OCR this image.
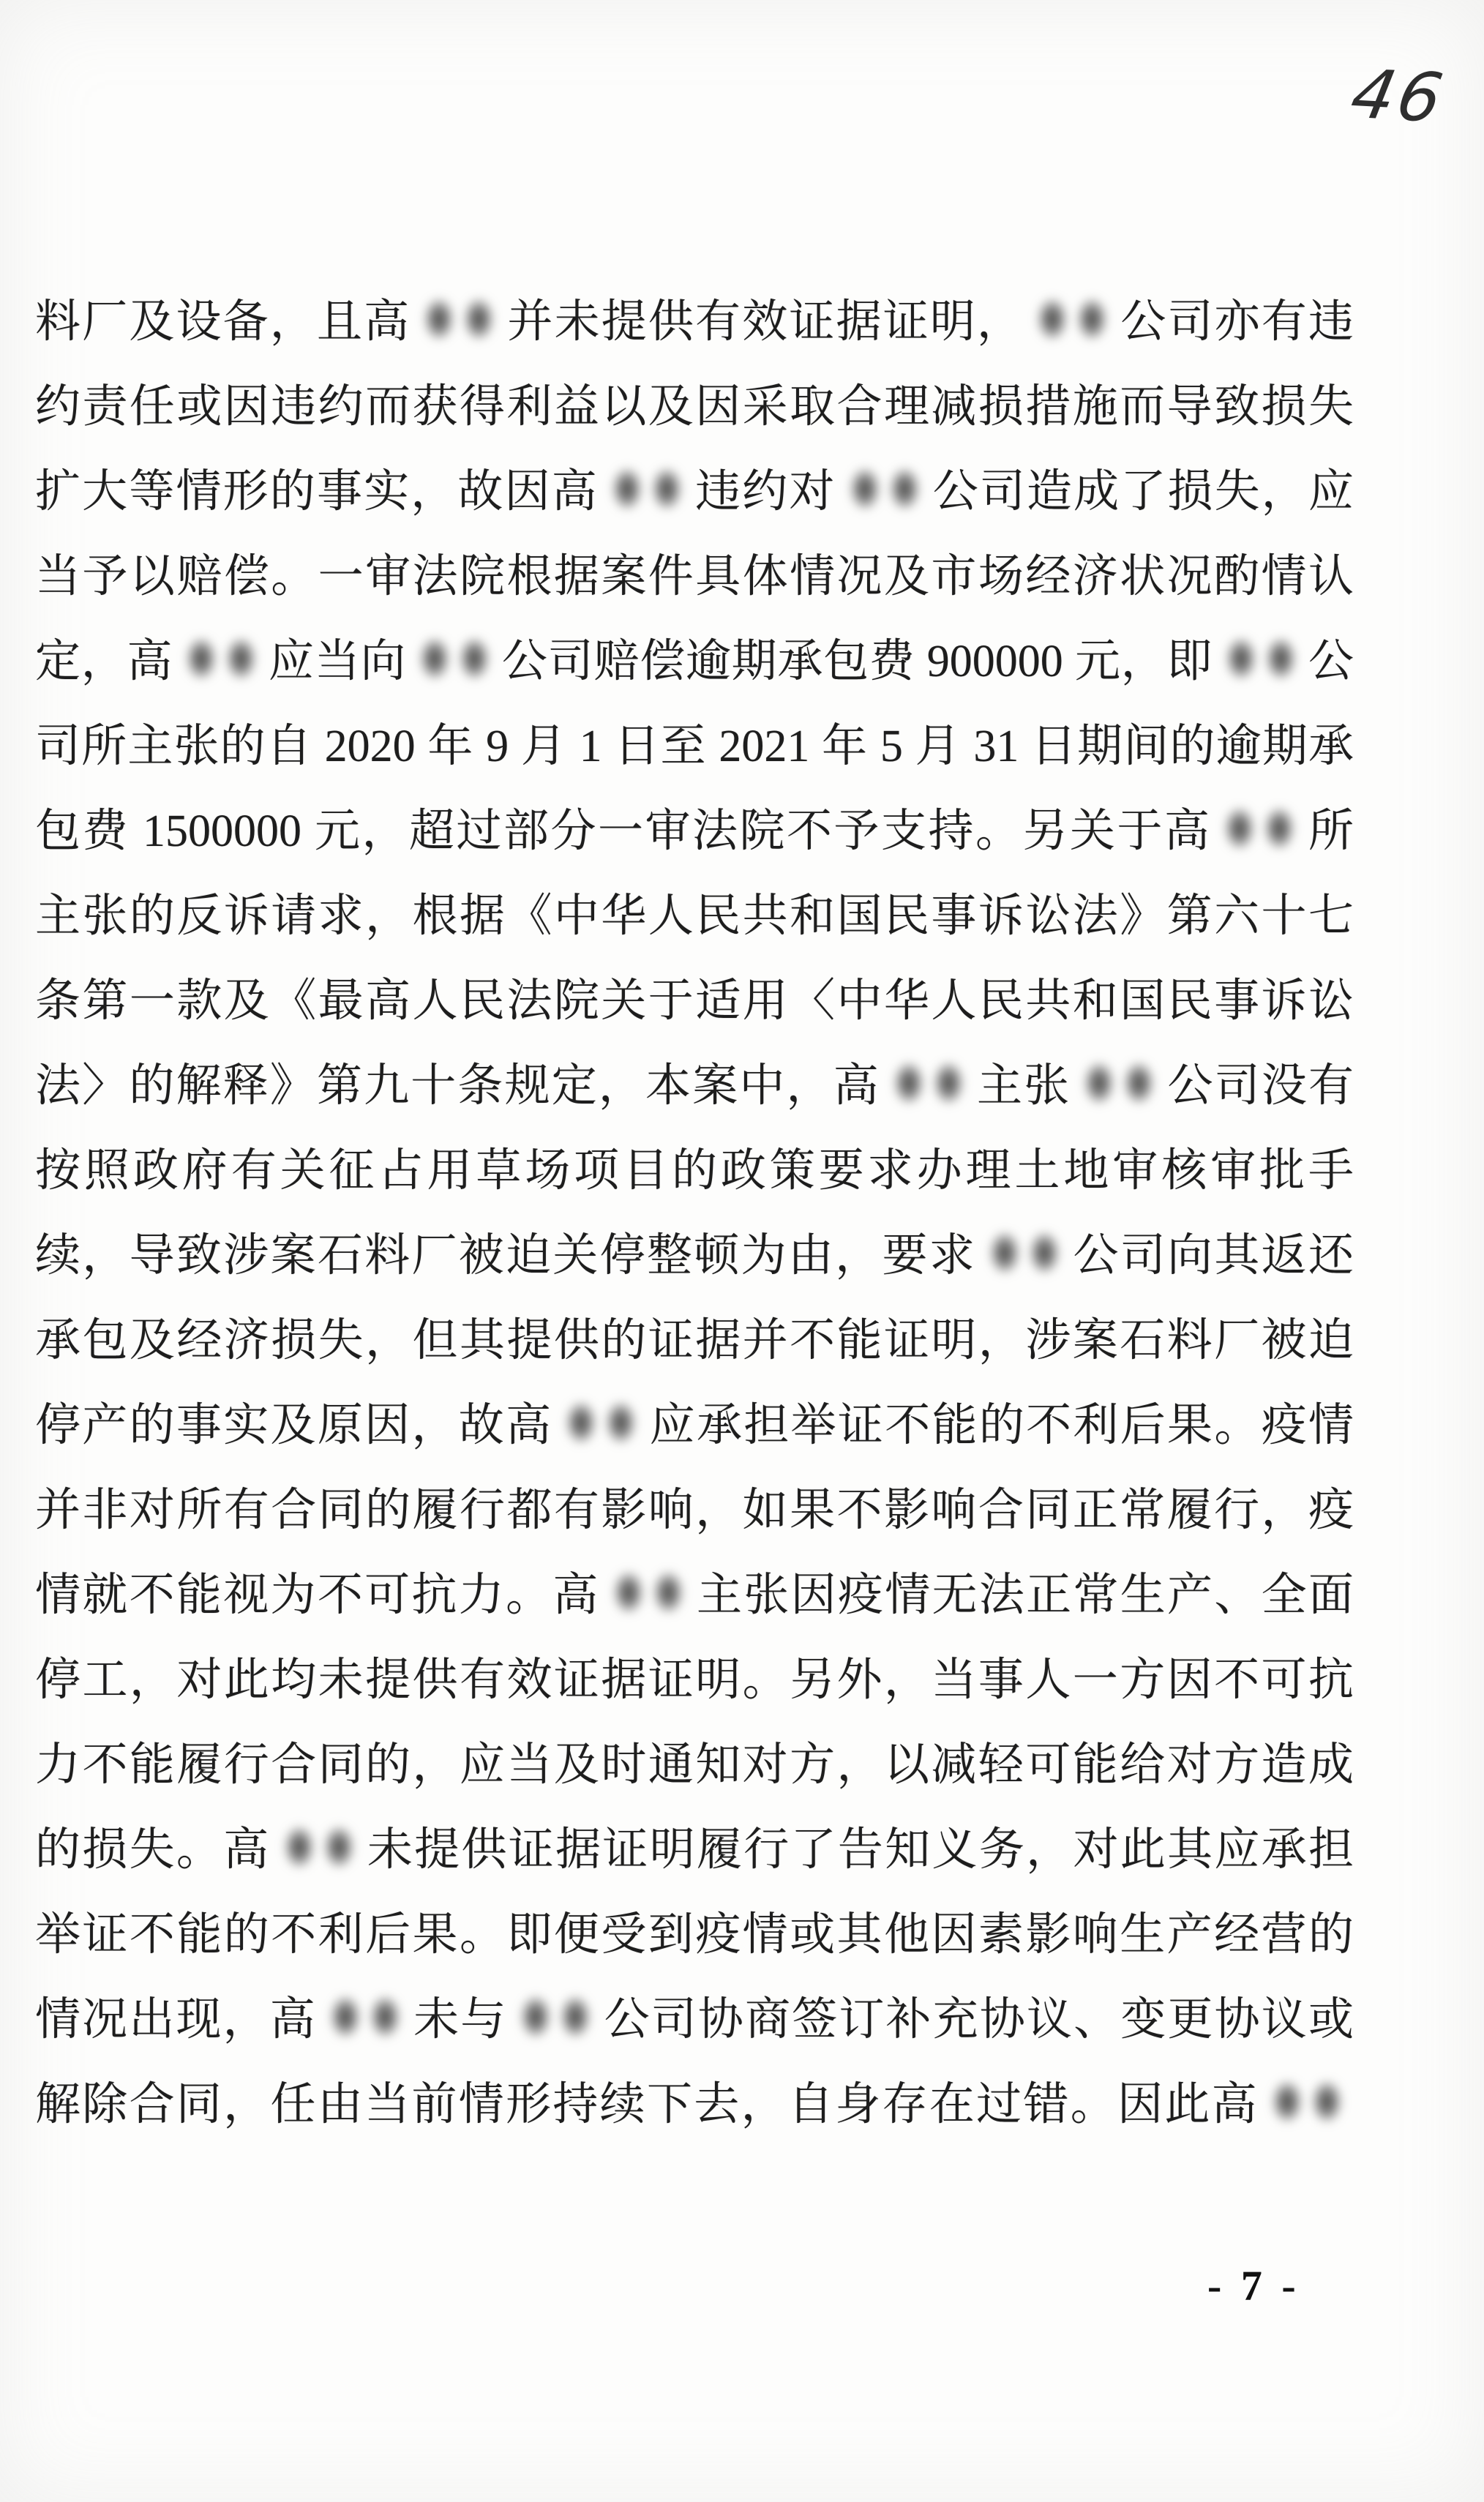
46
料厂及设备，且高 并未提供有效证据证明， 公司亦有违
约责任或因违约而获得利益以及因采取合理减损措施而导致损失
扩大等情形的事实，故因高 违约对 公司造成了损失，应
当予以赔偿。一审法院根据案件具体情况及市场经济状况酌情认
定，高 应当向 公司赔偿逾期承包费 900000 元，即 公
司所主张的自 2020 年 9 月 1 日至 2021 年 5 月 31 日期间的逾期承
包费 1500000 元，超过部分一审法院不予支持。另关于高 所
主张的反诉请求，根据《中华人民共和国民事诉讼法》第六十七
条第一款及《最高人民法院关于适用〈中华人民共和国民事诉讼
法〉的解释》第九十条规定，本案中，高 主张 公司没有
按照政府有关征占用草场项目的政策要求办理土地审核审批手
续，导致涉案石料厂被迫关停整顿为由，要求 公司向其返还
承包及经济损失，但其提供的证据并不能证明，涉案石料厂被迫
停产的事实及原因，故高 应承担举证不能的不利后果。疫情
并非对所有合同的履行都有影响，如果不影响合同正常履行，疫
情就不能视为不可抗力。高 主张因疫情无法正常生产、全面
停工，对此均未提供有效证据证明。另外，当事人一方因不可抗
力不能履行合同的，应当及时通知对方，以减轻可能给对方造成
的损失。高 未提供证据证明履行了告知义务，对此其应承担
举证不能的不利后果。即便受到疫情或其他因素影响生产经营的
情况出现，高 未与 公司协商签订补充协议、变更协议或
解除合同，任由当前情形持续下去，自身存在过错。因此高
- 7 -
